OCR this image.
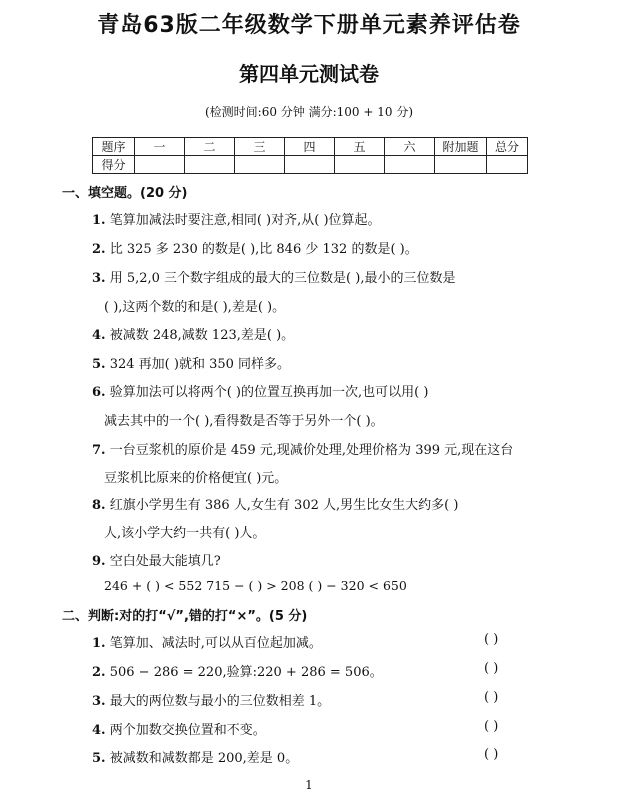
青岛63版二年级数学下册单元素养评估卷
第四单元测试卷
(检测时间:60 分钟 满分:100 + 10 分)
题序	一	二	三	四	五	六	附加题	总分
得分								
一、填空题。(20 分)
1. 笔算加减法时要注意,相同( )对齐,从( )位算起。
2. 比 325 多 230 的数是( ),比 846 少 132 的数是( )。
3. 用 5,2,0 三个数字组成的最大的三位数是( ),最小的三位数是
( ),这两个数的和是( ),差是( )。
4. 被减数 248,减数 123,差是( )。
5. 324 再加( )就和 350 同样多。
6. 验算加法可以将两个( )的位置互换再加一次,也可以用( )
减去其中的一个( ),看得数是否等于另外一个( )。
7. 一台豆浆机的原价是 459 元,现减价处理,处理价格为 399 元,现在这台
豆浆机比原来的价格便宜( )元。
8. 红旗小学男生有 386 人,女生有 302 人,男生比女生大约多( )
人,该小学大约一共有( )人。
9. 空白处最大能填几?
246 + ( ) < 552 715 − ( ) > 208 ( ) − 320 < 650
二、判断:对的打“√”,错的打“×”。(5 分)
1. 笔算加、减法时,可以从百位起加减。	( )
2. 506 − 286 = 220,验算:220 + 286 = 506。	( )
3. 最大的两位数与最小的三位数相差 1。	( )
4. 两个加数交换位置和不变。	( )
5. 被减数和减数都是 200,差是 0。	( )
1
